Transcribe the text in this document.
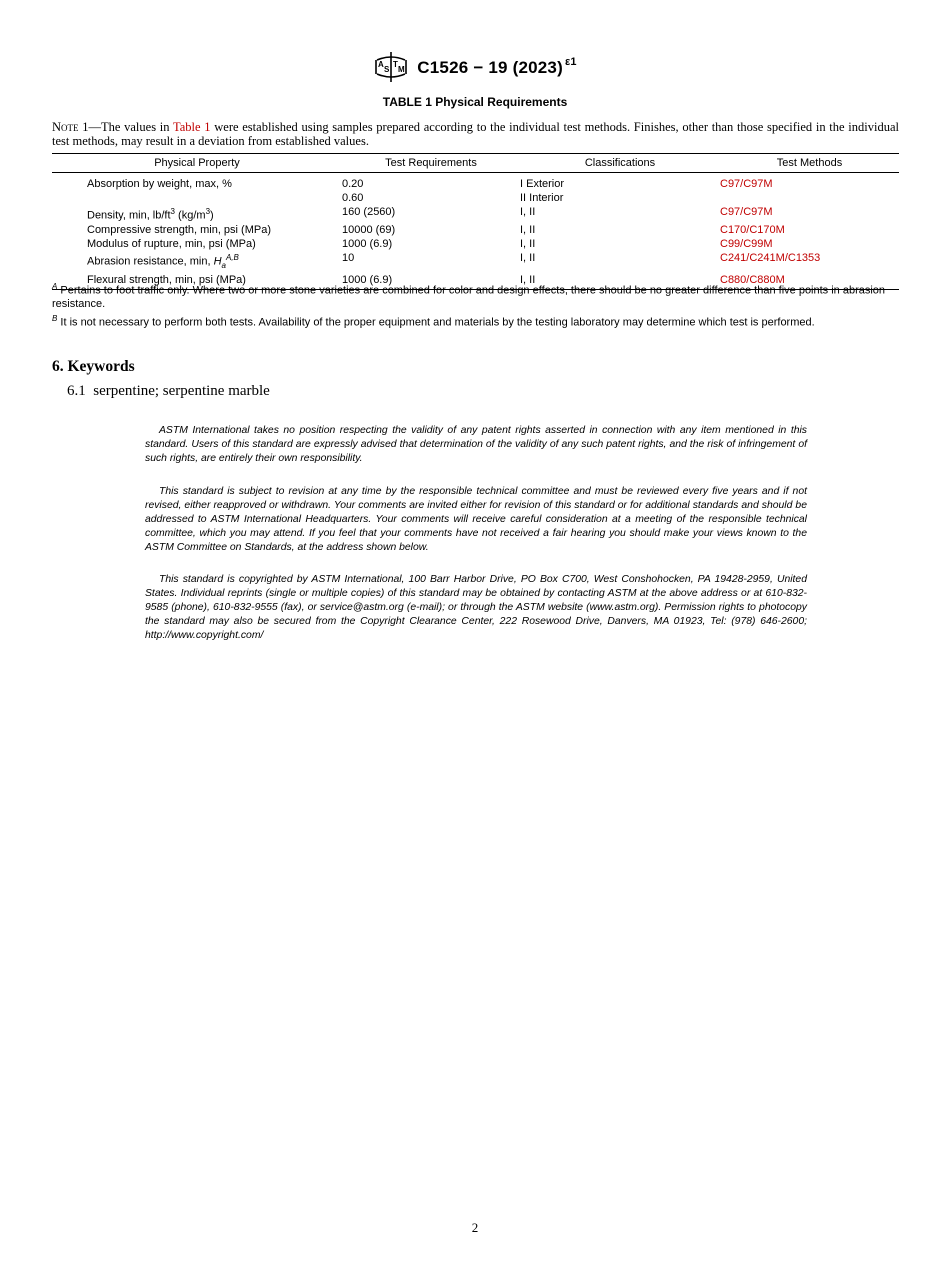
A
S
T
M C1526 − 19 (2023) $^{\varepsilon 1}$
TABLE 1 Physical Requirements
Note 1—The values in Table 1 were established using samples prepared according to the individual test methods. Finishes, other than those specified in the individual test methods, may result in a deviation from established values.
Physical Property	Test Requirements	Classifications	Test Methods
Absorption by weight, max, %	0.20	I Exterior	C97/C97M
	0.60	II Interior	
Density, min, $lb/ft^3$ $(kg/m^3)$	160 (2560)	I, II	C97/C97M
Compressive strength, min, psi (MPa)	10000 (69)	I, II	C170/C170M
Modulus of rupture, min, psi (MPa)	1000 (6.9)	I, II	C99/C99M
Abrasion resistance, min, $H_a^{A,B}$	10	I, II	C241/C241M/C1353
Flexural strength, min, psi (MPa)	1000 (6.9)	I, II	C880/C880M

$^A$ Pertains to foot traffic only. Where two or more stone varieties are combined for color and design effects, there should be no greater difference than five points in abrasion resistance.

$^B$ It is not necessary to perform both tests. Availability of the proper equipment and materials by the testing laboratory may determine which test is performed.

6. Keywords
6.1 serpentine; serpentine marble

ASTM International takes no position respecting the validity of any patent rights asserted in connection with any item mentioned in this standard. Users of this standard are expressly advised that determination of the validity of any such patent rights, and the risk of infringement of such rights, are entirely their own responsibility.

This standard is subject to revision at any time by the responsible technical committee and must be reviewed every five years and if not revised, either reapproved or withdrawn. Your comments are invited either for revision of this standard or for additional standards and should be addressed to ASTM International Headquarters. Your comments will receive careful consideration at a meeting of the responsible technical committee, which you may attend. If you feel that your comments have not received a fair hearing you should make your views known to the ASTM Committee on Standards, at the address shown below.

This standard is copyrighted by ASTM International, 100 Barr Harbor Drive, PO Box C700, West Conshohocken, PA 19428-2959, United States. Individual reprints (single or multiple copies) of this standard may be obtained by contacting ASTM at the above address or at 610-832-9585 (phone), 610-832-9555 (fax), or service@astm.org (e-mail); or through the ASTM website (www.astm.org). Permission rights to photocopy the standard may also be secured from the Copyright Clearance Center, 222 Rosewood Drive, Danvers, MA 01923, Tel: (978) 646-2600; http://www.copyright.com/

2
